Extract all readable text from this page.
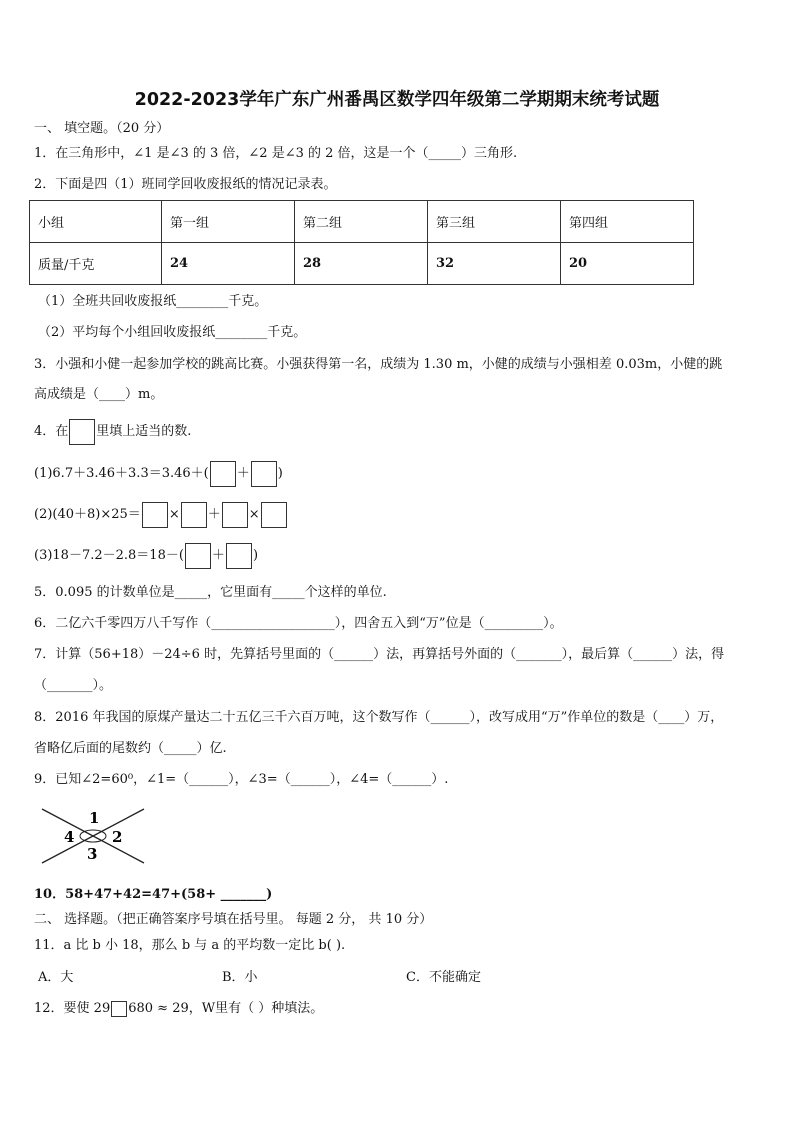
2022-2023学年广东广州番禺区数学四年级第二学期期末统考试题
一、 填空题。（20 分）
1．在三角形中，∠1 是∠3 的 3 倍，∠2 是∠3 的 2 倍，这是一个（_____）三角形.
2．下面是四（1）班同学回收废报纸的情况记录表。
小组	第一组	第二组	第三组	第四组
质量/千克	24	28	32	20
（1）全班共回收废报纸________千克。
（2）平均每个小组回收废报纸________千克。
3．小强和小健一起参加学校的跳高比赛。小强获得第一名，成绩为 1.30 m，小健的成绩与小强相差 0.03m，小健的跳
高成绩是（____）m。
4．在 里填上适当的数.
(1)6.7＋3.46＋3.3＝3.46＋( ＋ )
(2)(40＋8)×25＝ × ＋ ×
(3)18－7.2－2.8＝18－( ＋ )
5．0.095 的计数单位是_____，它里面有_____个这样的单位.
6．二亿六千零四万八千写作（___________________），四舍五入到“万”位是（_________）。
7．计算（56+18）－24÷6 时，先算括号里面的（______）法，再算括号外面的（_______），最后算（______）法，得
（_______）。
8．2016 年我国的原煤产量达二十五亿三千六百万吨，这个数写作（______），改写成用“万”作单位的数是（____）万，
省略亿后面的尾数约（_____）亿.
9．已知∠2=60⁰，∠1=（______），∠3=（______），∠4=（______）.
1
2
3
4
10．58+47+42=47+(58+ _______)
二、 选择题。（把正确答案序号填在括号里。 每题 2 分， 共 10 分）
11．a 比 b 小 18，那么 b 与 a 的平均数一定比 b( ).
A．大	B．小	C．不能确定
12．要使 29 680 ≈ 29，W里有（ ）种填法。
